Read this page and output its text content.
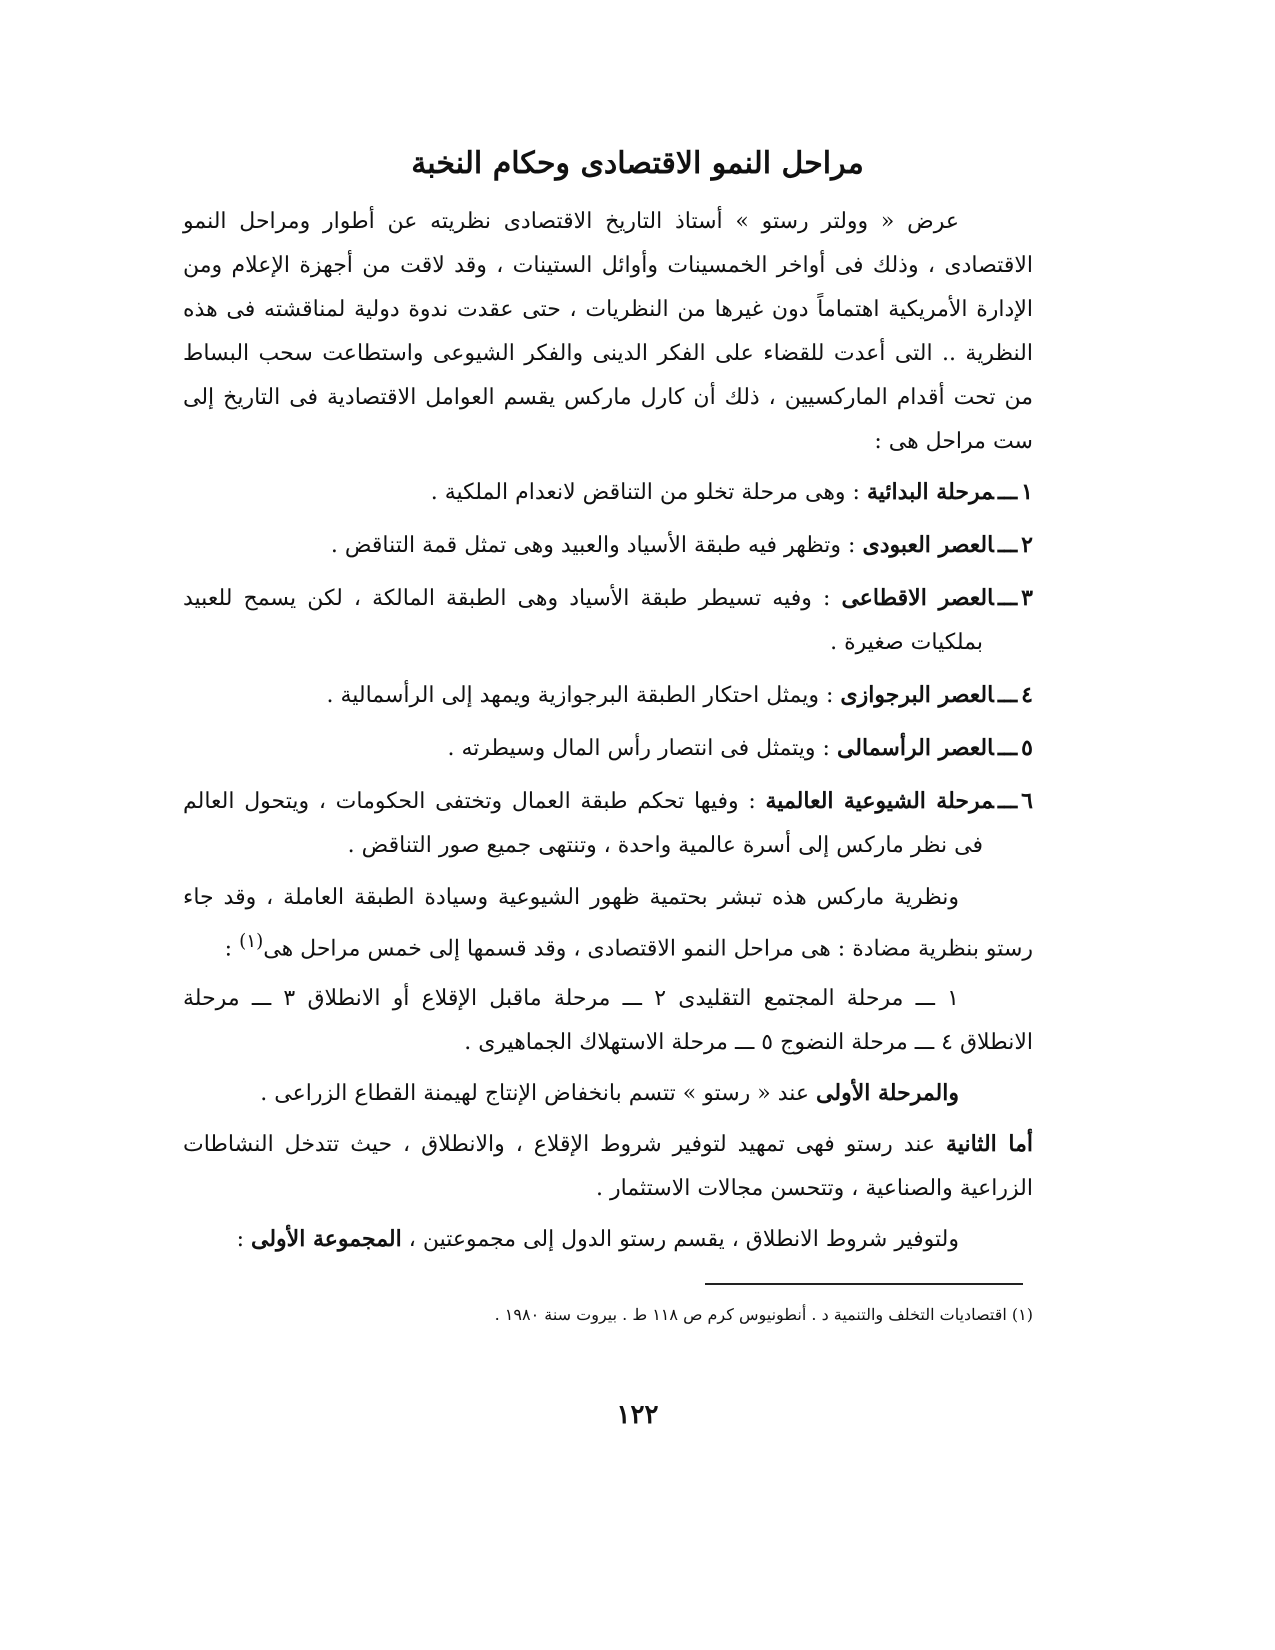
مراحل النمو الاقتصادى وحكام النخبة

عرض « وولتر رستو » أستاذ التاريخ الاقتصادى نظريته عن أطوار ومراحل النمو الاقتصادى ، وذلك فى أواخر الخمسينات وأوائل الستينات ، وقد لاقت من أجهزة الإعلام ومن الإدارة الأمريكية اهتماماً دون غيرها من النظريات ، حتى عقدت ندوة دولية لمناقشته فى هذه النظرية .. التى أعدت للقضاء على الفكر الدينى والفكر الشيوعى واستطاعت سحب البساط من تحت أقدام الماركسيين ، ذلك أن كارل ماركس يقسم العوامل الاقتصادية فى التاريخ إلى ست مراحل هى :

١ـــمرحلة البدائية : وهى مرحلة تخلو من التناقض لانعدام الملكية .
٢ـــالعصر العبودى : وتظهر فيه طبقة الأسياد والعبيد وهى تمثل قمة التناقض .
٣ـــالعصر الاقطاعى : وفيه تسيطر طبقة الأسياد وهى الطبقة المالكة ، لكن يسمح للعبيد بملكيات صغيرة .
٤ـــالعصر البرجوازى : ويمثل احتكار الطبقة البرجوازية ويمهد إلى الرأسمالية .
٥ـــالعصر الرأسمالى : ويتمثل فى انتصار رأس المال وسيطرته .
٦ـــمرحلة الشيوعية العالمية : وفيها تحكم طبقة العمال وتختفى الحكومات ، ويتحول العالم فى نظر ماركس إلى أسرة عالمية واحدة ، وتنتهى جميع صور التناقض .

ونظرية ماركس هذه تبشر بحتمية ظهور الشيوعية وسيادة الطبقة العاملة ، وقد جاء رستو بنظرية مضادة : هى مراحل النمو الاقتصادى ، وقد قسمها إلى خمس مراحل هى$^{(١)}$ :

١ ـــ مرحلة المجتمع التقليدى ٢ ـــ مرحلة ماقبل الإقلاع أو الانطلاق ٣ ـــ مرحلة الانطلاق ٤ ـــ مرحلة النضوج ٥ ـــ مرحلة الاستهلاك الجماهيرى .

والمرحلة الأولى عند « رستو » تتسم بانخفاض الإنتاج لهيمنة القطاع الزراعى .

أما الثانية عند رستو فهى تمهيد لتوفير شروط الإقلاع ، والانطلاق ، حيث تتدخل النشاطات الزراعية والصناعية ، وتتحسن مجالات الاستثمار .

ولتوفير شروط الانطلاق ، يقسم رستو الدول إلى مجموعتين ، المجموعة الأولى :

(١) اقتصاديات التخلف والتنمية د . أنطونيوس كرم ص ١١٨ ط . بيروت سنة ١٩٨٠ .

١٢٢
